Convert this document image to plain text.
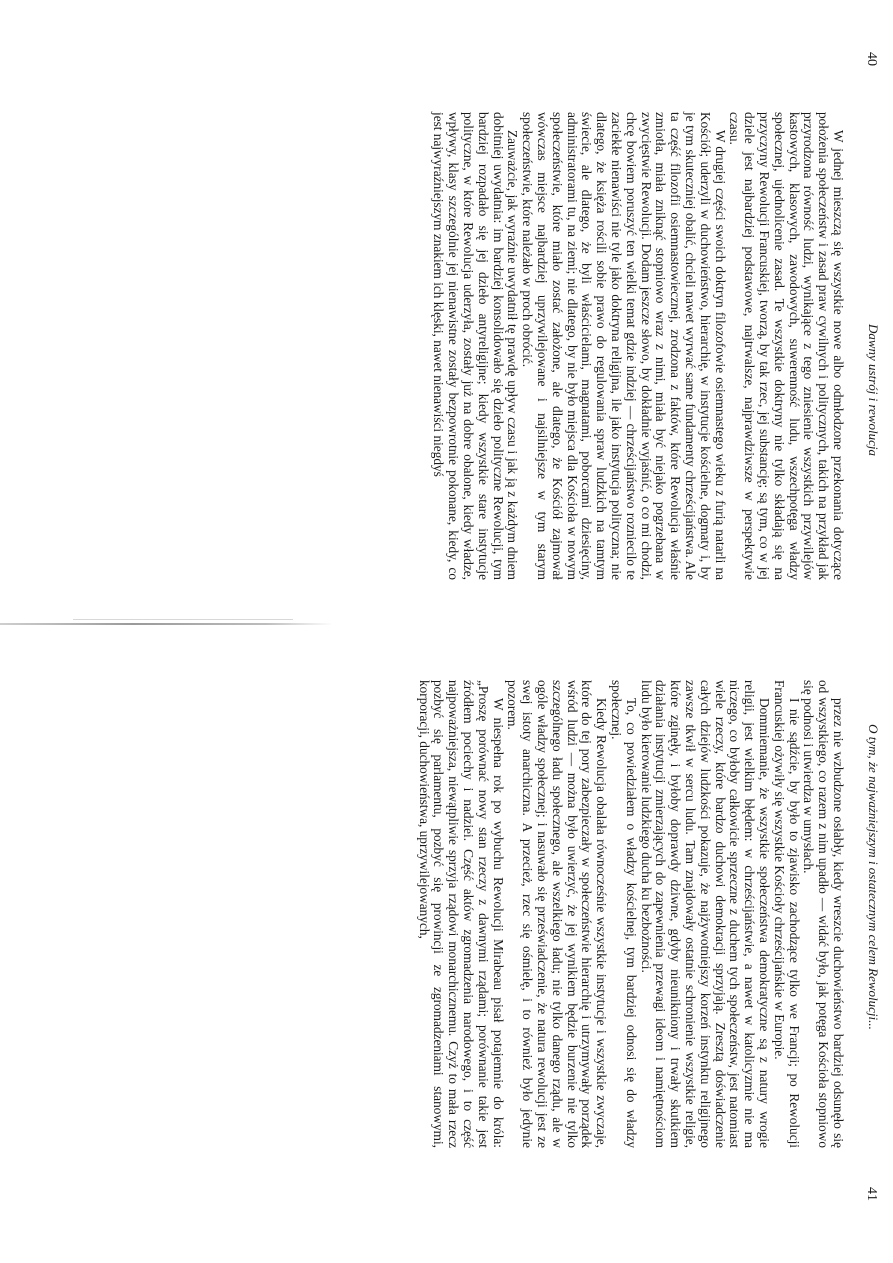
40
Dawny ustrój i rewolucja

W jednej mieszczą się wszystkie nowe albo odmłodzone przekonania dotyczące położenia społeczeństw i zasad praw cywilnych i politycznych, takich na przykład jak przyrodzona równość ludzi, wynikające z tego zniesienie wszystkich przywilejów kastowych, klasowych, zawodowych, suwerenność ludu, wszechpotęga władzy społecznej, ujednolicenie zasad. Te wszystkie doktryny nie tylko składają się na przyczyny Rewolucji Francuskiej, tworzą, by tak rzec, jej substancję; są tym, co w jej dziele jest najbardziej podstawowe, najtrwalsze, najprawdziwsze w perspektywie czasu.

W drugiej części swoich doktryn filozofowie osiemnastego wieku z furią natarli na Kościół; uderzyli w duchowieństwo, hierarchię, w instytucje kościelne, dogmaty i, by je tym skuteczniej obalić, chcieli nawet wyrwać same fundamenty chrześcijaństwa. Ale ta część filozofii osiemnastowiecznej, zrodzona z faktów, które Rewolucja właśnie zmiotła, miała zniknąć stopniowo wraz z nimi, miała być niejako pogrzebana w zwycięstwie Rewolucji. Dodam jeszcze słowo, by dokładnie wyjaśnić, o co mi chodzi, chcę bowiem poruszyć ten wielki temat gdzie indziej — chrześcijaństwo rozniecilo te zaciekłe nienawiści nie tyle jako doktryna religijna, ile jako instytucja polityczna; nie dlatego, że księża rościli sobie prawo do regulowania spraw ludzkich na tamtym świecie, ale dlatego, że byli właścicielami, magnatami, poborcami dziesięciny, administratorami tu, na ziemi; nie dlatego, by nie było miejsca dla Kościoła w nowym społeczeństwie, które miało zostać założone, ale dlatego, że Kościół zajmował wówczas miejsce najbardziej uprzywilejowane i najsilniejsze w tym starym społeczeństwie, które należało w proch obrócić.

Zauważcie, jak wyraźnie uwydatnił tę prawdę upływ czasu i jak ją z każdym dniem dobitniej uwydatnia: im bardziej konsolidowało się dzieło polityczne Rewolucji, tym bardziej rozpadało się jej dzieło antyreligijne; kiedy wszystkie stare instytucje polityczne, w które Rewolucja uderzyła, zostały już na dobre obalone, kiedy władze, wpływy, klasy szczególnie jej nienawistne zostały bezpowrotnie pokonane, kiedy, co jest najwyraźniejszym znakiem ich klęski, nawet nienawiści niegdyś

O tym, że najważniejszym i ostatecznym celem Rewolucji...
41

przez nie wzbudzone osłabły, kiedy wreszcie duchowieństwo bardziej odsunęło się od wszystkiego, co razem z nim upadło — widać było, jak potęga Kościoła stopniowo się podnosi i utwierdza w umysłach.

I nie sądźcie, by było to zjawisko zachodzące tylko we Francji; po Rewolucji Francuskiej ożywiły się wszystkie Kościoły chrześcijańskie w Europie.

Dommiemanie, że wszystkie społeczeństwa demokratyczne są z natury wrogie religii, jest wielkim błędem: w chrześcijaństwie, a nawet w katolicyzmie nie ma niczego, co byłoby całkowicie sprzeczne z duchem tych społeczeństw, jest natomiast wiele rzeczy, które bardzo duchowi demokracji sprzyjają. Zresztą doświadczenie całych dziejów ludzkości pokazuje, że najżywotniejszy korzeń instynktu religijnego zawsze tkwił w sercu ludu. Tam znajdowały ostatnie schronienie wszystkie religie, które zginęły, i byłoby doprawdy dziwne, gdyby nieunikniony i trwały skutkiem działania instytucji zmierzających do zapewnienia przewagi ideom i namiętnościom ludu było kierowanie ludzkiego ducha ku bezbożności.

To, co powiedziałem o władzy kościelnej, tym bardziej odnosi się do władzy społecznej.

Kiedy Rewolucja obalała równocześnie wszystkie instytucje i wszystkie zwyczaje, które do tej pory zabezpieczały w społeczeństwie hierarchię i utrzymywały porządek wśród ludzi — można było uwierzyć, że jej wynikiem będzie burzenie nie tylko szczególnego ładu społecznego, ale wszelkiego ładu; nie tylko danego rządu, ale w ogóle władzy społecznej; i nasuwało się przeświadczenie, że natura rewolucji jest ze swej istoty anarchiczna. A przecież, rzec się ośmielę, i to również było jedynie pozorem.

W niespełna rok po wybuchu Rewolucji Mirabeau pisał potajemnie do króla: „Proszę porównać nowy stan rzeczy z dawnymi rządami; porównanie takie jest źródłem pociechy i nadziei. Część aktów zgromadzenia narodowego, i to część najpoważniejsza, niewątpliwie sprzyja rządowi monarchicznemu. Czyż to mała rzecz pozbyć się parlamentu, pozbyć się prowincji ze zgromadzeniami stanowymi, korporacji, duchowieństwa, uprzywilejowanych,
